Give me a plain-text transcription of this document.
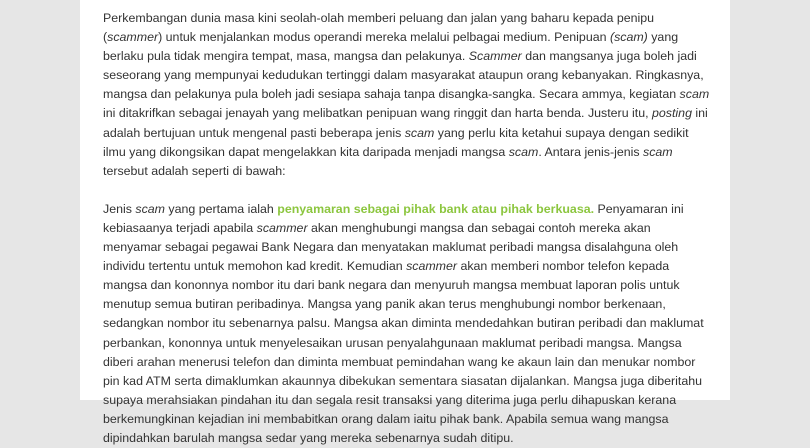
Perkembangan dunia masa kini seolah-olah memberi peluang dan jalan yang baharu kepada penipu (scammer) untuk menjalankan modus operandi mereka melalui pelbagai medium. Penipuan (scam) yang berlaku pula tidak mengira tempat, masa, mangsa dan pelakunya. Scammer dan mangsanya juga boleh jadi seseorang yang mempunyai kedudukan tertinggi dalam masyarakat ataupun orang kebanyakan. Ringkasnya, mangsa dan pelakunya pula boleh jadi sesiapa sahaja tanpa disangka-sangka. Secara ammya, kegiatan scam ini ditakrifkan sebagai jenayah yang melibatkan penipuan wang ringgit dan harta benda. Justeru itu, posting ini adalah bertujuan untuk mengenal pasti beberapa jenis scam yang perlu kita ketahui supaya dengan sedikit ilmu yang dikongsikan dapat mengelakkan kita daripada menjadi mangsa scam. Antara jenis-jenis scam tersebut adalah seperti di bawah:

Jenis scam yang pertama ialah penyamaran sebagai pihak bank atau pihak berkuasa. Penyamaran ini kebiasaanya terjadi apabila scammer akan menghubungi mangsa dan sebagai contoh mereka akan menyamar sebagai pegawai Bank Negara dan menyatakan maklumat peribadi mangsa disalahguna oleh individu tertentu untuk memohon kad kredit. Kemudian scammer akan memberi nombor telefon kepada mangsa dan kononnya nombor itu dari bank negara dan menyuruh mangsa membuat laporan polis untuk menutup semua butiran peribadinya. Mangsa yang panik akan terus menghubungi nombor berkenaan, sedangkan nombor itu sebenarnya palsu. Mangsa akan diminta mendedahkan butiran peribadi dan maklumat perbankan, kononnya untuk menyelesaikan urusan penyalahgunaan maklumat peribadi mangsa. Mangsa diberi arahan menerusi telefon dan diminta membuat pemindahan wang ke akaun lain dan menukar nombor pin kad ATM serta dimaklumkan akaunnya dibekukan sementara siasatan dijalankan. Mangsa juga diberitahu supaya merahsiakan pindahan itu dan segala resit transaksi yang diterima juga perlu dihapuskan kerana berkemungkinan kejadian ini membabitkan orang dalam iaitu pihak bank. Apabila semua wang mangsa dipindahkan barulah mangsa sedar yang mereka sebenarnya sudah ditipu.
